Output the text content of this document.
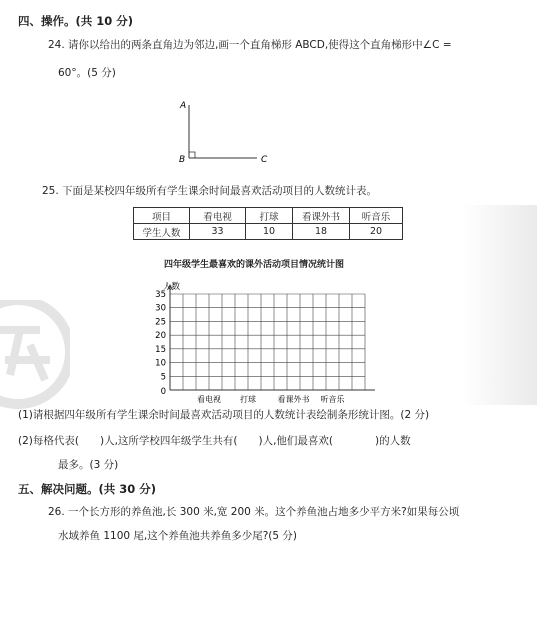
四、操作。(共 10 分)
24. 请你以给出的两条直角边为邻边,画一个直角梯形 ABCD,使得这个直角梯形中∠C =
60°。(5 分)
A
B	C
25. 下面是某校四年级所有学生课余时间最喜欢活动项目的人数统计表。
项目	看电视	打球	看课外书	听音乐
学生人数	33	10	18	20
四年级学生最喜欢的课外活动项目情况统计图
人数
0
5
10
15
20
25
30
35
看电视 打球	看课外书 听音乐
(1)请根据四年级所有学生课余时间最喜欢活动项目的人数统计表绘制条形统计图。(2 分)
(2)每格代表(　　)人,这所学校四年级学生共有(　　)人,他们最喜欢(　　　　)的人数
最多。(3 分)
五、解决问题。(共 30 分)
26. 一个长方形的养鱼池,长 300 米,宽 200 米。这个养鱼池占地多少平方米?如果每公顷
水域养鱼 1100 尾,这个养鱼池共养鱼多少尾?(5 分)
